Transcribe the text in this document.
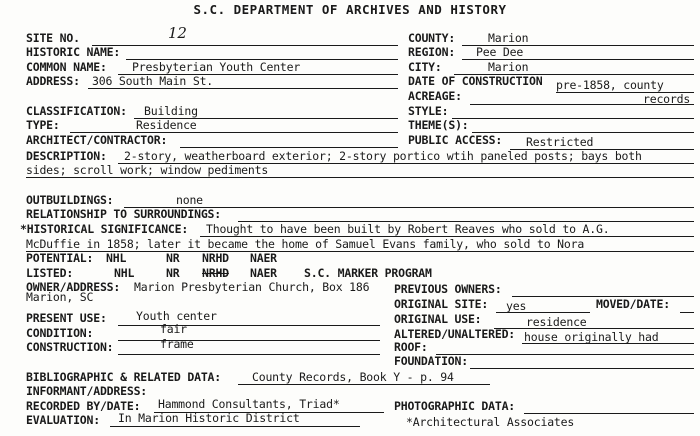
S.C. DEPARTMENT OF ARCHIVES AND HISTORY
SITE NO.	12	COUNTY:	Marion
HISTORIC NAME:	REGION: Pee Dee
COMMON NAME: Presbyterian Youth Center	CITY:	Marion
ADDRESS: 306 South Main St.	DATE OF CONSTRUCTION pre-1858, county
ACREAGE:	records
CLASSIFICATION: Building	STYLE:
TYPE:	Residence	THEME(S):
ARCHITECT/CONTRACTOR:	PUBLIC ACCESS: Restricted
DESCRIPTION: 2-story, weatherboard exterior; 2-story portico wtih paneled posts; bays both
sides; scroll work; window pediments
OUTBUILDINGS:	none
RELATIONSHIP TO SURROUNDINGS:
*HISTORICAL SIGNIFICANCE: Thought to have been built by Robert Reaves who sold to A.G.
McDuffie in 1858; later it became the home of Samuel Evans family, who sold to Nora
POTENTIAL: NHL	NR NRHD NAER
LISTED:	NHL	NR NRHD NAER S.C. MARKER PROGRAM
OWNER/ADDRESS: Marion Presbyterian Church, Box 186
Marion, SC
PREVIOUS OWNERS:
ORIGINAL SITE: yes	MOVED/DATE:
PRESENT USE:	Youth center	ORIGINAL USE:	residence
CONDITION:	fair	ALTERED/UNALTERED: house originally had
CONSTRUCTION:	frame	ROOF:
FOUNDATION:
BIBLIOGRAPHIC & RELATED DATA:	County Records, Book Y - p. 94
INFORMANT/ADDRESS:
RECORDED BY/DATE: Hammond Consultants, Triad*	PHOTOGRAPHIC DATA:
EVALUATION: In Marion Historic District	*Architectural Associates
